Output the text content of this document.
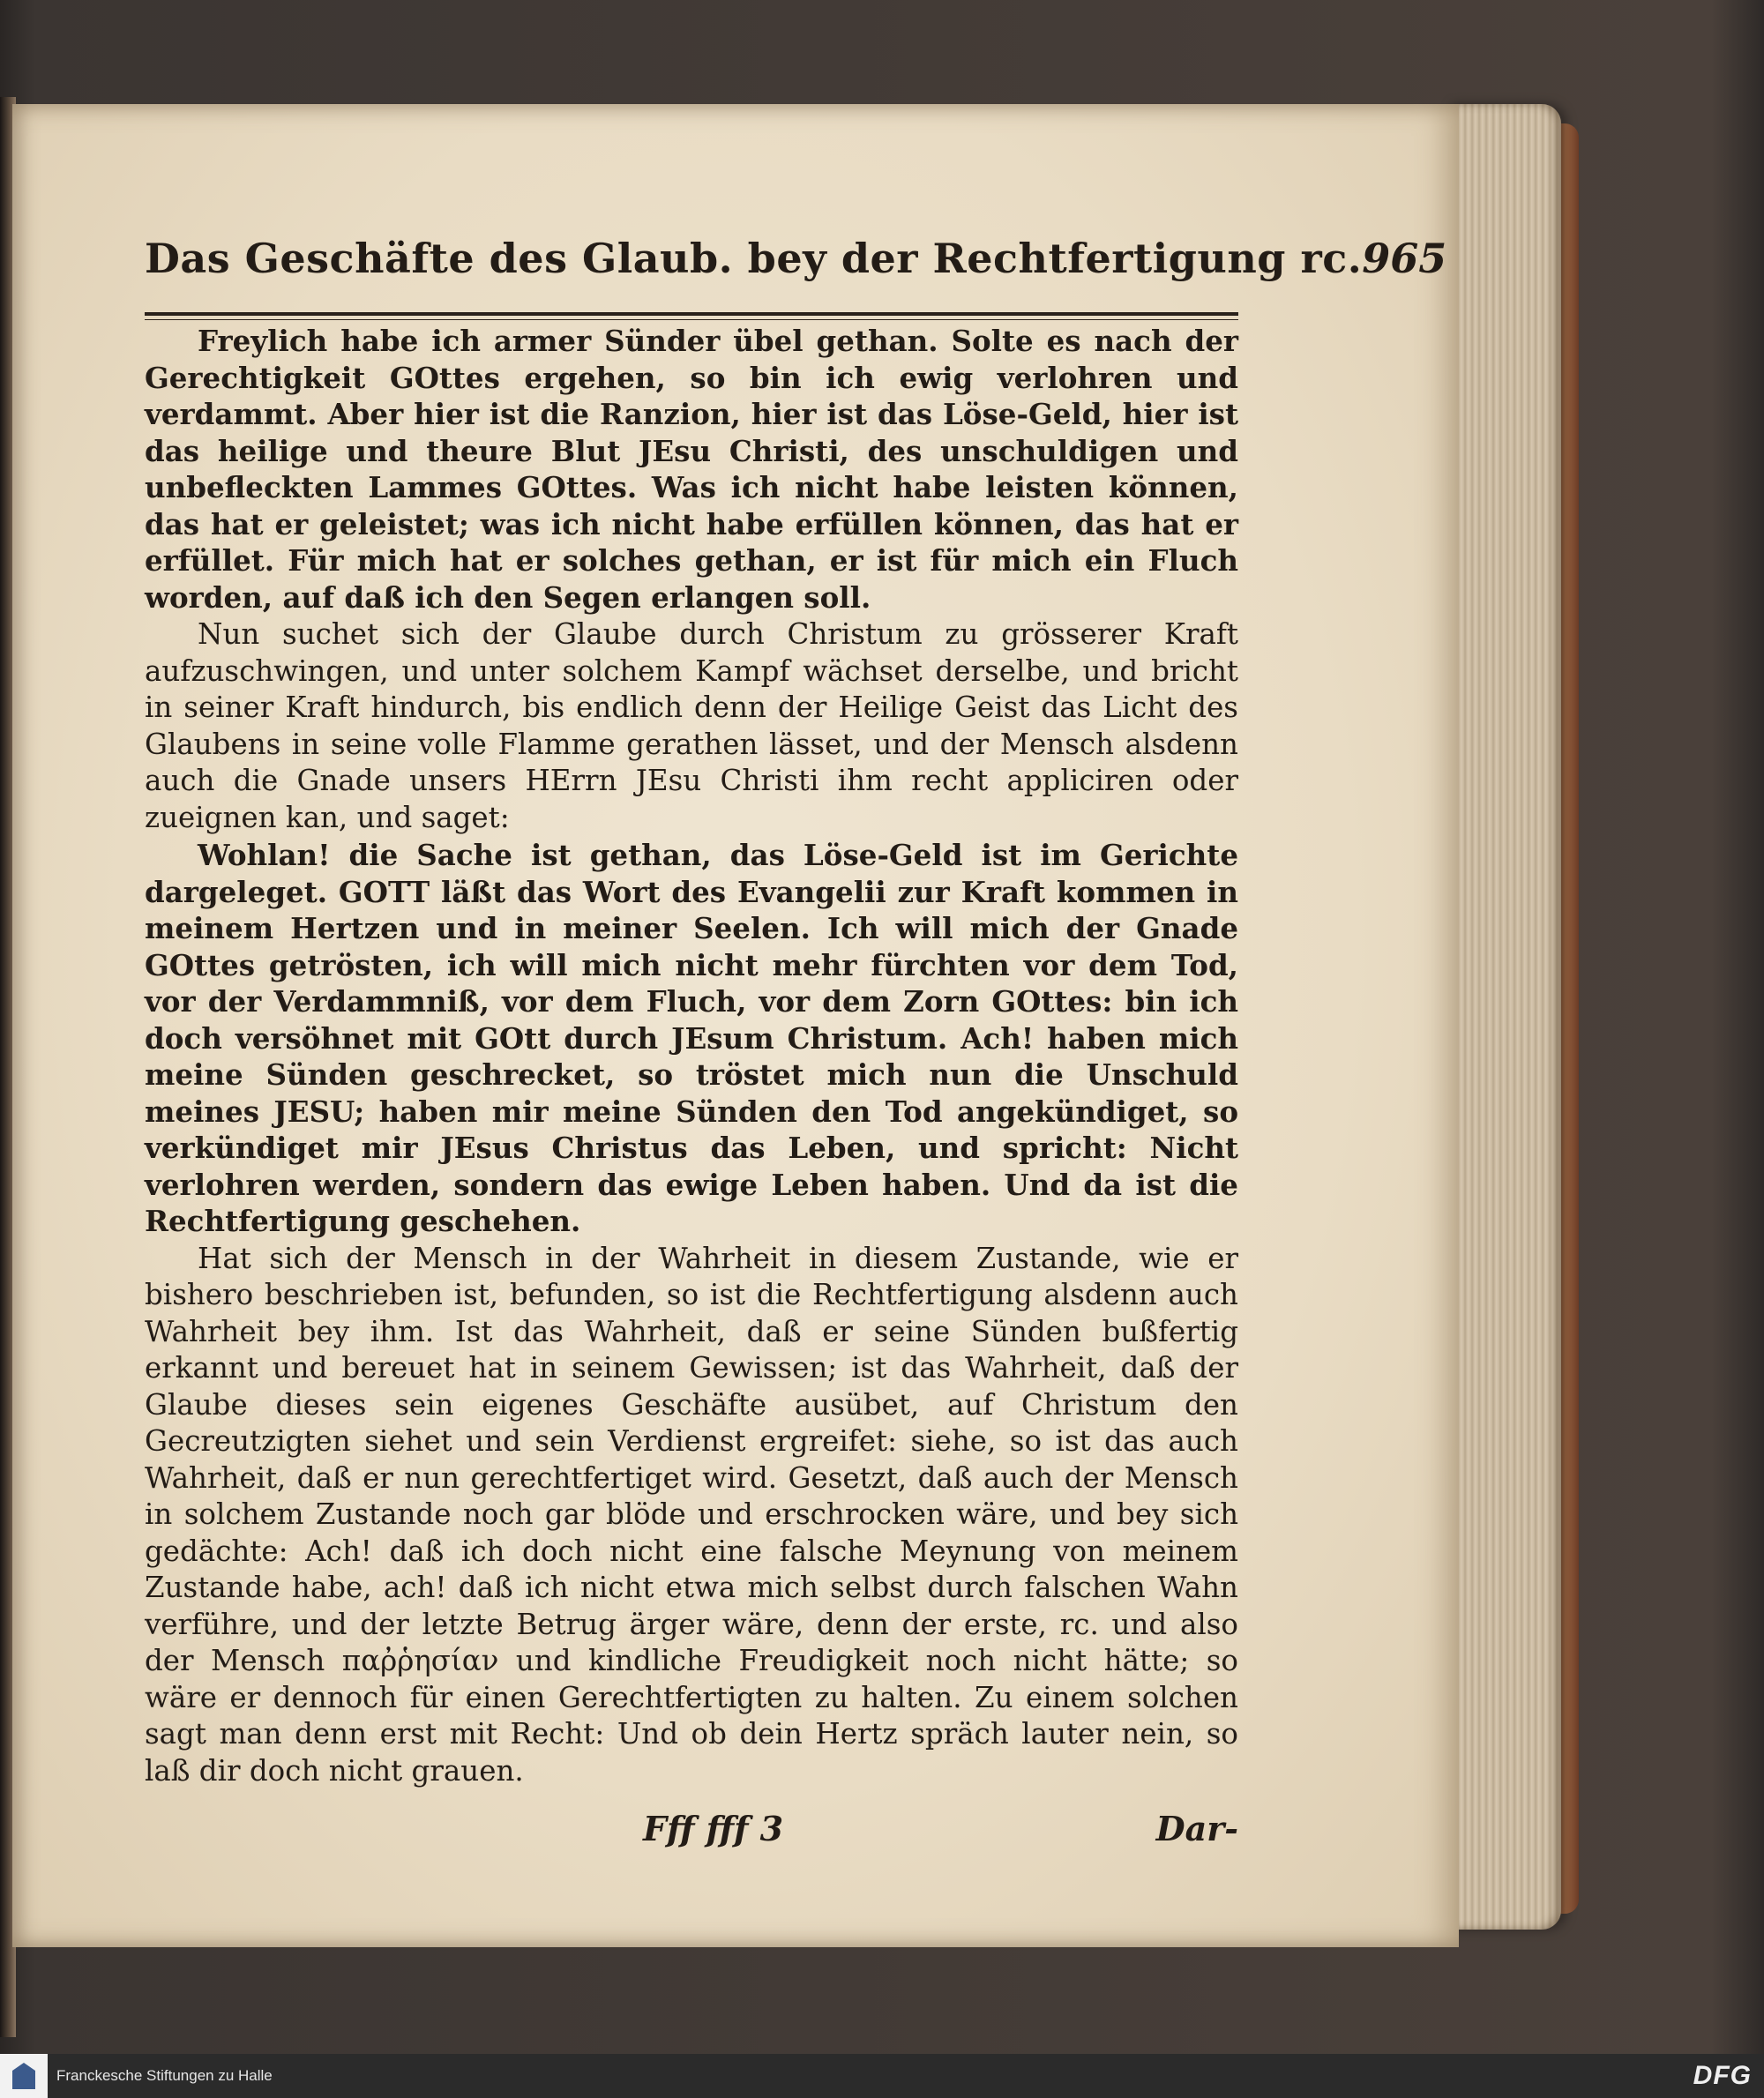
Das Geschäfte des Glaub. bey der Rechtfertigung rc. 965

Freylich habe ich armer Sünder übel gethan. Solte es nach der Gerechtigkeit GOttes ergehen, so bin ich ewig verlohren und verdammt. Aber hier ist die Ranzion, hier ist das Löse-Geld, hier ist das heilige und theure Blut JEsu Christi, des unschuldigen und unbefleckten Lammes GOttes. Was ich nicht habe leisten können, das hat er geleistet; was ich nicht habe erfüllen können, das hat er erfüllet. Für mich hat er solches gethan, er ist für mich ein Fluch worden, auf daß ich den Segen erlangen soll.

Nun suchet sich der Glaube durch Christum zu grösserer Kraft aufzuschwingen, und unter solchem Kampf wächset derselbe, und bricht in seiner Kraft hindurch, bis endlich denn der Heilige Geist das Licht des Glaubens in seine volle Flamme gerathen lässet, und der Mensch alsdenn auch die Gnade unsers HErrn JEsu Christi ihm recht appliciren oder zueignen kan, und saget:

Wohlan! die Sache ist gethan, das Löse-Geld ist im Gerichte dargeleget. GOTT läßt das Wort des Evangelii zur Kraft kommen in meinem Hertzen und in meiner Seelen. Ich will mich der Gnade GOttes getrösten, ich will mich nicht mehr fürchten vor dem Tod, vor der Verdammniß, vor dem Fluch, vor dem Zorn GOttes: bin ich doch versöhnet mit GOtt durch JEsum Christum. Ach! haben mich meine Sünden geschrecket, so tröstet mich nun die Unschuld meines JESU; haben mir meine Sünden den Tod angekündiget, so verkündiget mir JEsus Christus das Leben, und spricht: Nicht verlohren werden, sondern das ewige Leben haben. Und da ist die Rechtfertigung geschehen.

Hat sich der Mensch in der Wahrheit in diesem Zustande, wie er bishero beschrieben ist, befunden, so ist die Rechtfertigung alsdenn auch Wahrheit bey ihm. Ist das Wahrheit, daß er seine Sünden bußfertig erkannt und bereuet hat in seinem Gewissen; ist das Wahrheit, daß der Glaube dieses sein eigenes Geschäfte ausübet, auf Christum den Gecreutzigten siehet und sein Verdienst ergreifet: siehe, so ist das auch Wahrheit, daß er nun gerechtfertiget wird. Gesetzt, daß auch der Mensch in solchem Zustande noch gar blöde und erschrocken wäre, und bey sich gedächte: Ach! daß ich doch nicht eine falsche Meynung von meinem Zustande habe, ach! daß ich nicht etwa mich selbst durch falschen Wahn verführe, und der letzte Betrug ärger wäre, denn der erste, rc. und also der Mensch παῤῥησίαν und kindliche Freudigkeit noch nicht hätte; so wäre er dennoch für einen Gerechtfertigten zu halten. Zu einem solchen sagt man denn erst mit Recht: Und ob dein Hertz spräch lauter nein, so laß dir doch nicht grauen.

Fff fff 3	Dar-
Franckesche Stiftungen zu Halle	DFG
